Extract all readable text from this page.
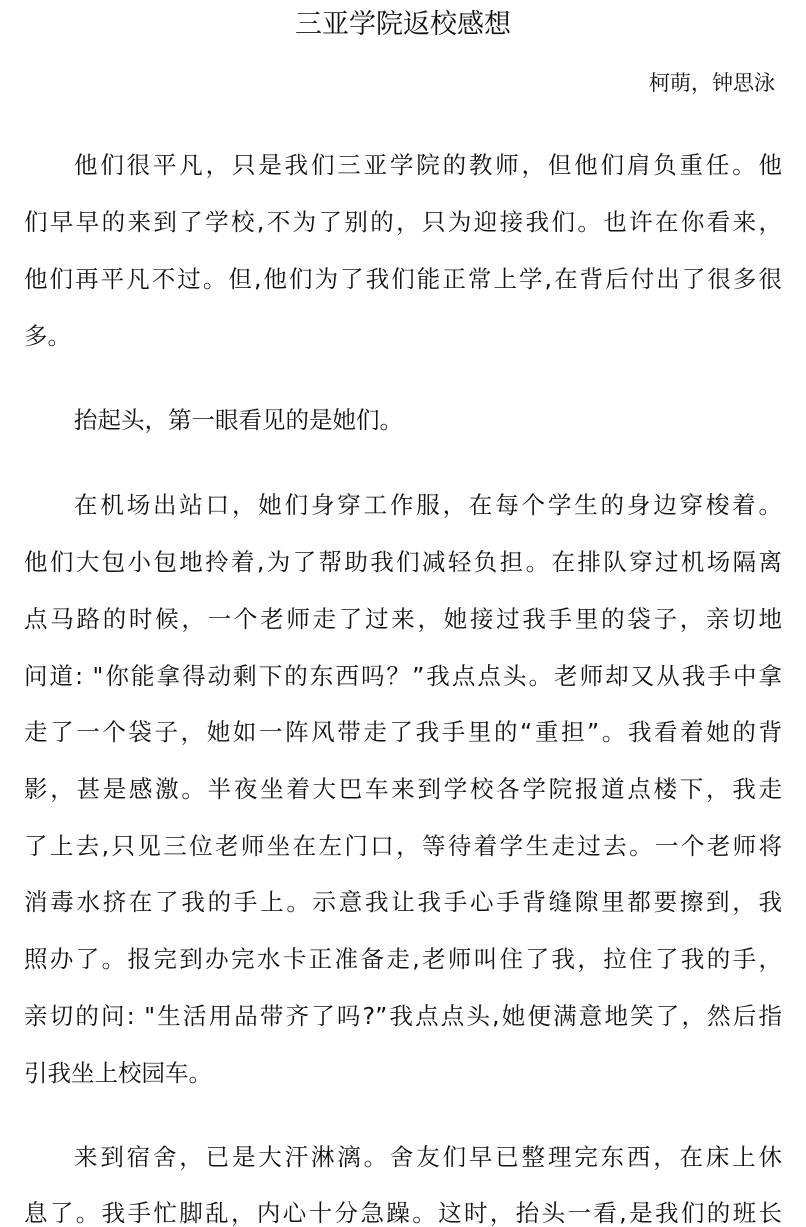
三亚学院返校感想
柯萌，钟思泳
他们很平凡，只是我们三亚学院的教师，但他们肩负重任。他
们早早的来到了学校,不为了别的，只为迎接我们。也许在你看来，
他们再平凡不过。但,他们为了我们能正常上学,在背后付出了很多很
多。
抬起头，第一眼看见的是她们。
在机场出站口，她们身穿工作服，在每个学生的身边穿梭着。
他们大包小包地拎着,为了帮助我们减轻负担。在排队穿过机场隔离
点马路的时候，一个老师走了过来，她接过我手里的袋子，亲切地
问道: "你能拿得动剩下的东西吗？”我点点头。老师却又从我手中拿
走了一个袋子，她如一阵风带走了我手里的“重担”。我看着她的背
影，甚是感激。半夜坐着大巴车来到学校各学院报道点楼下，我走
了上去,只见三位老师坐在左门口，等待着学生走过去。一个老师将
消毒水挤在了我的手上。示意我让我手心手背缝隙里都要擦到，我
照办了。报完到办完水卡正准备走,老师叫住了我，拉住了我的手，
亲切的问: "生活用品带齐了吗?”我点点头,她便满意地笑了，然后指
引我坐上校园车。
来到宿舍，已是大汗淋漓。舍友们早已整理完东西，在床上休
息了。我手忙脚乱，内心十分急躁。这时，抬头一看,是我们的班长
